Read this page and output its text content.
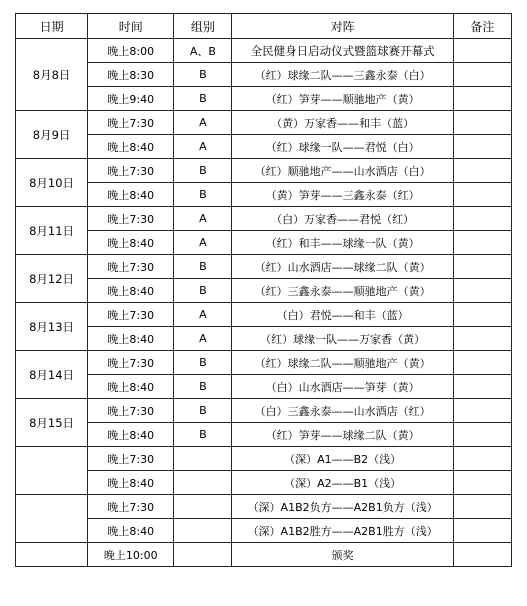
日期	时间	组别	对阵	备注
8月8日	晚上8:00	A、B	全民健身日启动仪式暨篮球赛开幕式	
	晚上8:30	B	（红）球缘二队——三鑫永泰（白）	
	晚上9:40	B	（红）笋芽——顺驰地产（黄）	
8月9日	晚上7:30	A	（黄）万家香——和丰（蓝）	
	晚上8:40	A	（红）球缘一队——君悦（白）	
8月10日	晚上7:30	B	（红）顺驰地产——山水酒店（白）	
	晚上8:40	B	（黄）笋芽——三鑫永泰（红）	
8月11日	晚上7:30	A	（白）万家香——君悦（红）	
	晚上8:40	A	（红）和丰——球缘一队（黄）	
8月12日	晚上7:30	B	（红）山水酒店——球缘二队（黄）	
	晚上8:40	B	（红）三鑫永泰——顺驰地产（黄）	
8月13日	晚上7:30	A	（白）君悦——和丰（蓝）	
	晚上8:40	A	（红）球缘一队——万家香（黄）	
8月14日	晚上7:30	B	（红）球缘二队——顺驰地产（黄）	
	晚上8:40	B	（白）山水酒店——笋芽（黄）	
8月15日	晚上7:30	B	（白）三鑫永泰——山水酒店（红）	
	晚上8:40	B	（红）笋芽——球缘二队（黄）	
	晚上7:30		（深）A1——B2（浅）	
	晚上8:40		（深）A2——B1（浅）	
	晚上7:30		（深）A1B2负方——A2B1负方（浅）	
	晚上8:40		（深）A1B2胜方——A2B1胜方（浅）	
	晚上10:00		颁奖	
